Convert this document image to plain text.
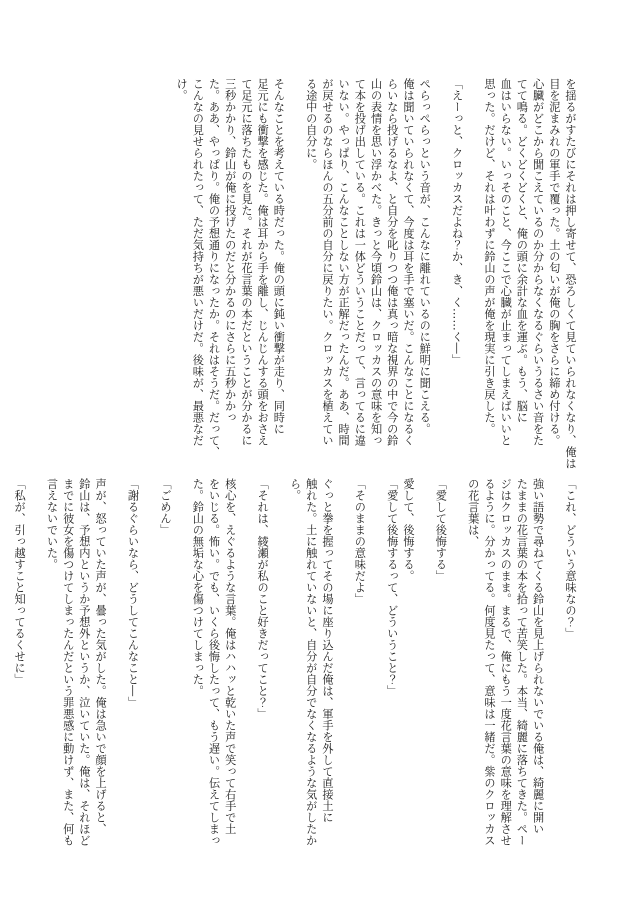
を揺るがすたびにそれは押し寄せて、恐ろしくて見ていられなくなり、俺は
目を泥まみれの軍手で覆った。土の匂いが俺の胸をさらに締め付ける。
心臓がどこから聞こえているのか分からなくなるぐらいうるさい音をた
てて鳴る。どくどくどくと、俺の頭に余計な血を運ぶ。もう、脳に
血はいらない。いっそのこと、今ここで心臓が止まってしまえばいいと
思った。だけど、それは叶わずに鈴山の声が俺を現実に引き戻した。

「えーっと、クロッカスだよね？か、き、く……く―」

ぺらっぺらっという音が、こんなに離れているのに鮮明に聞こえる。
俺は聞いていられなくて、今度は耳を手で塞いだ。こんなことになるく
らいなら投げるなよ、と自分を叱りつつ俺は真っ暗な視界の中で今の鈴
山の表情を思い浮かべた。きっと今頃鈴山は、クロッカスの意味を知っ
て本を投げ出している。これは一体どういうことだって、言ってるに違
いない。やっぱり、こんなことしない方が正解だったんだ。ああ、時間
が戻せるのならほんの五分前の自分に戻りたい。クロッカスを植えてい
る途中の自分に。

そんなことを考えている時だった。俺の頭に鈍い衝撃が走り、同時に
足元にも衝撃を感じた。俺は耳から手を離し、じんじんする頭をおさえ
て足元に落ちたものを見た。それが花言葉の本だということが分かるに
三秒かかり、鈴山が俺に投げたのだと分かるのにさらに五秒かかっ
た。ああ、やっぱり。俺の予想通りになったか。それはそうだ。だって、
こんなの見せられたって、ただ気持ちが悪いだけだ。後味が、最悪なだ
け。
「これ、どういう意味なの？」

強い語勢で尋ねてくる鈴山を見上げられないでいる俺は、綺麗に開い
たままの花言葉の本を拾って苦笑した。本当、綺麗に落ちてきた。ペー
ジはクロッカスのまま。まるで、俺にもう一度花言葉の意味を理解させ
るように。分かってる。何度見たって、意味は一緒だ。紫のクロッカス
の花言葉は、

「愛して後悔する」

愛して、後悔する。
「愛して後悔するって、どういうこと？」

「そのままの意味だよ」

ぐっと拳を握ってその場に座り込んだ俺は、軍手を外して直接土に
触れた。土に触れていないと、自分が自分でなくなるような気がしたか
ら。

「それは、綾瀬が私のこと好きだってこと？」

核心を、えぐるような言葉。俺はハハッと乾いた声で笑って右手で土
をいじる。怖い。でも、いくら後悔したって、もう遅い。伝えてしまっ
た。鈴山の無垢な心を傷つけてしまった。

「ごめん」

「謝るぐらいなら、どうしてこんなこと―」

声が、怒っていた声が、曇った気がした。俺は急いで顔を上げると、
鈴山は、予想内というか予想外というか、泣いていた。俺は、それほど
までに彼女を傷つけてしまったんだという罪悪感に動けず、また、何も
言えないでいた。

「私が、引っ越すこと知ってるくせに」
